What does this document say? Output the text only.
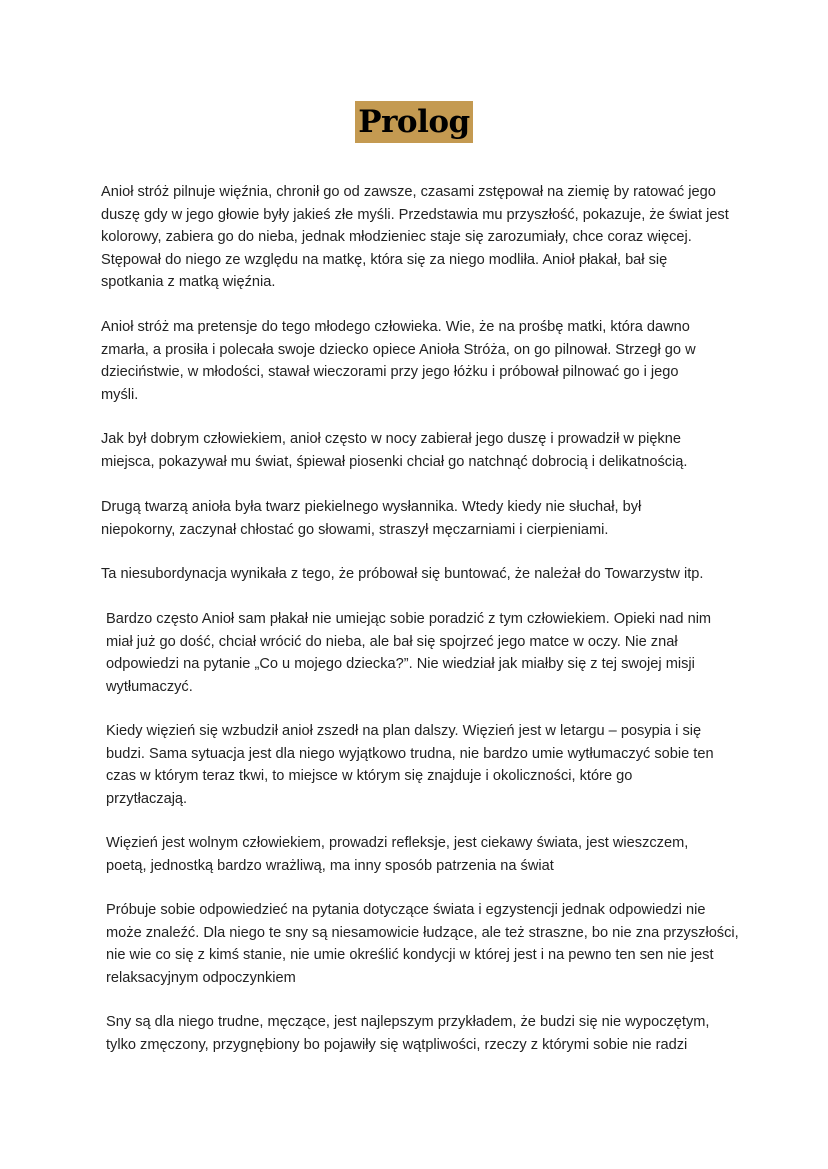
Prolog

Anioł stróż pilnuje więźnia, chronił go od zawsze, czasami zstępował na ziemię by ratować jego
duszę gdy w jego głowie były jakieś złe myśli. Przedstawia mu przyszłość, pokazuje, że świat jest
kolorowy, zabiera go do nieba, jednak młodzieniec staje się zarozumiały, chce coraz więcej.
Stępował do niego ze względu na matkę, która się za niego modliła. Anioł płakał, bał się
spotkania z matką więźnia.

Anioł stróż ma pretensje do tego młodego człowieka. Wie, że na prośbę matki, która dawno
zmarła, a prosiła i polecała swoje dziecko opiece Anioła Stróża, on go pilnował. Strzegł go w
dzieciństwie, w młodości, stawał wieczorami przy jego łóżku i próbował pilnować go i jego
myśli.

Jak był dobrym człowiekiem, anioł często w nocy zabierał jego duszę i prowadził w piękne
miejsca, pokazywał mu świat, śpiewał piosenki chciał go natchnąć dobrocią i delikatnością.

Drugą twarzą anioła była twarz piekielnego wysłannika. Wtedy kiedy nie słuchał, był
niepokorny, zaczynał chłostać go słowami, straszył męczarniami i cierpieniami.

Ta niesubordynacja wynikała z tego, że próbował się buntować, że należał do Towarzystw itp.

Bardzo często Anioł sam płakał nie umiejąc sobie poradzić z tym człowiekiem. Opieki nad nim
miał już go dość, chciał wrócić do nieba, ale bał się spojrzeć jego matce w oczy. Nie znał
odpowiedzi na pytanie „Co u mojego dziecka?”. Nie wiedział jak miałby się z tej swojej misji
wytłumaczyć.

Kiedy więzień się wzbudził anioł zszedł na plan dalszy. Więzień jest w letargu – posypia i się
budzi. Sama sytuacja jest dla niego wyjątkowo trudna, nie bardzo umie wytłumaczyć sobie ten
czas w którym teraz tkwi, to miejsce w którym się znajduje i okoliczności, które go
przytłaczają.

Więzień jest wolnym człowiekiem, prowadzi refleksje, jest ciekawy świata, jest wieszczem,
poetą, jednostką bardzo wrażliwą, ma inny sposób patrzenia na świat

Próbuje sobie odpowiedzieć na pytania dotyczące świata i egzystencji jednak odpowiedzi nie
może znaleźć. Dla niego te sny są niesamowicie łudzące, ale też straszne, bo nie zna przyszłości,
nie wie co się z kimś stanie, nie umie określić kondycji w której jest i na pewno ten sen nie jest
relaksacyjnym odpoczynkiem

Sny są dla niego trudne, męczące, jest najlepszym przykładem, że budzi się nie wypoczętym,
tylko zmęczony, przygnębiony bo pojawiły się wątpliwości, rzeczy z którymi sobie nie radzi
